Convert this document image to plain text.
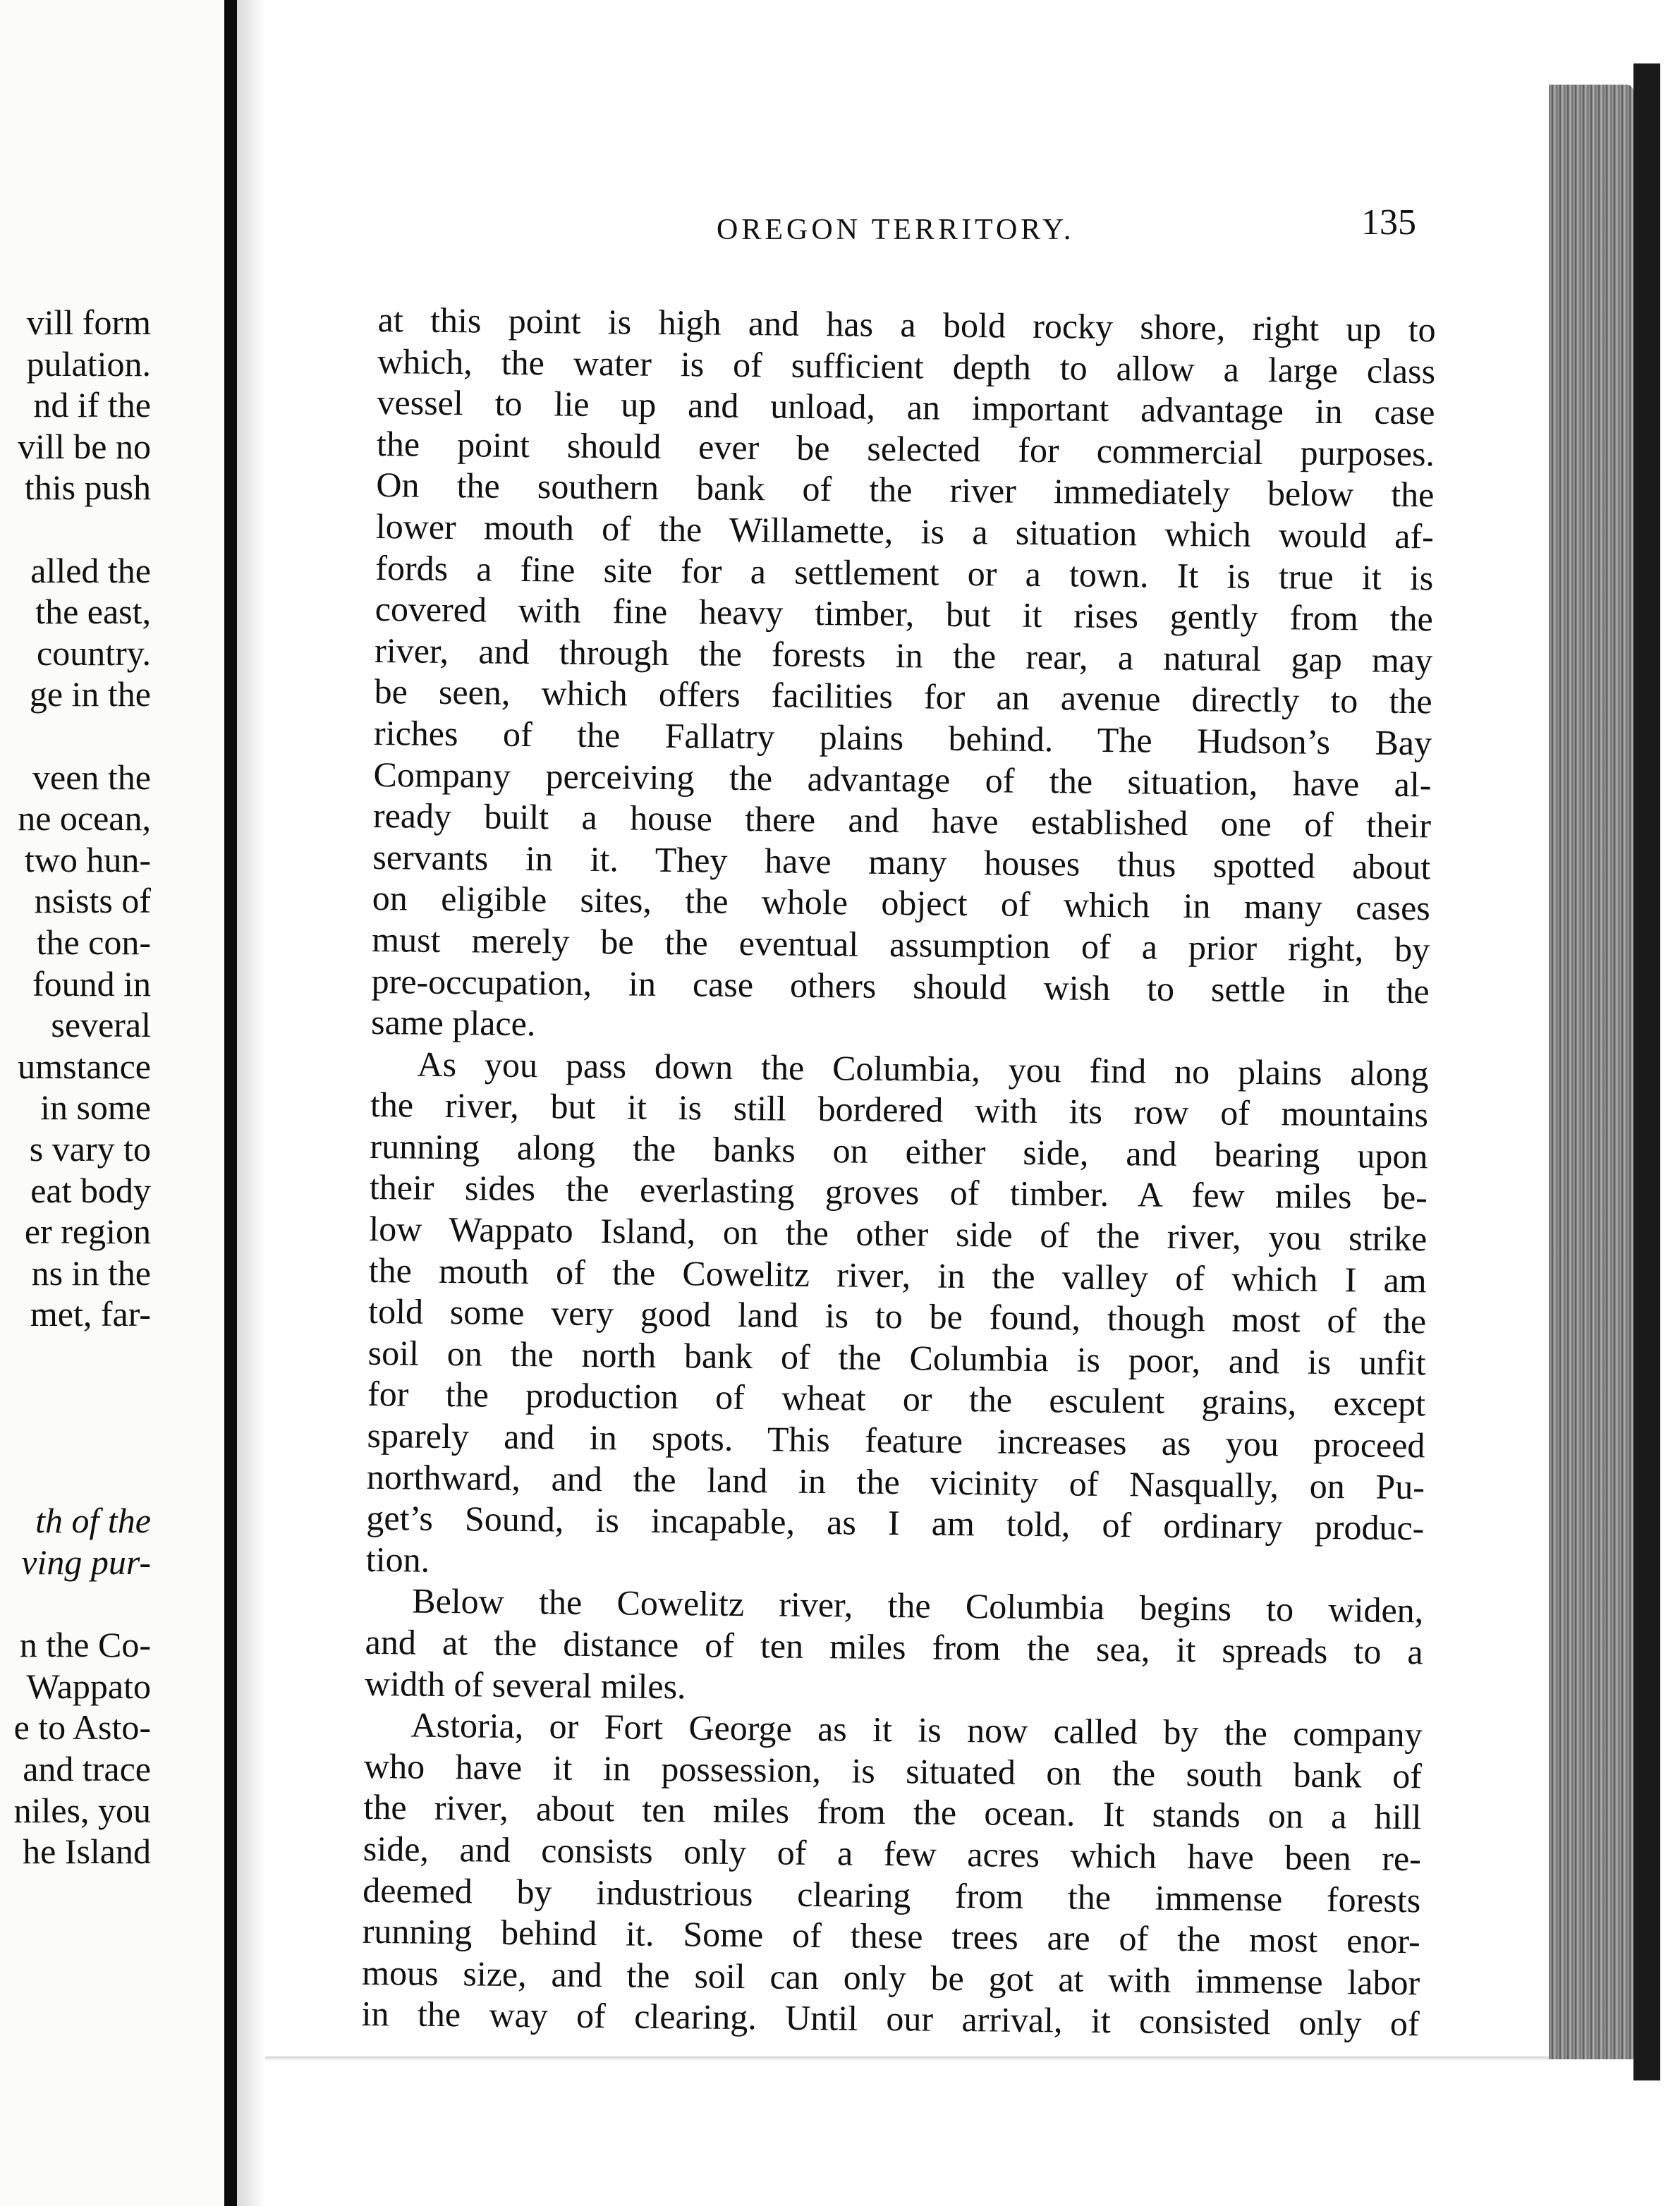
vill form
pulation.
nd if the
vill be no
this push
alled the
the east,
country.
ge in the
veen the
ne ocean,
two hun-
nsists of
the con-
found in
several
umstance
in some
s vary to
eat body
er region
ns in the
met, far-
th of the
ving pur-
n the Co-
Wappato
e to Asto-
and trace
niles, you
he Island
OREGON TERRITORY.	135
at this point is high and has a bold rocky shore, right up to
which, the water is of sufficient depth to allow a large class
vessel to lie up and unload, an important advantage in case
the point should ever be selected for commercial purposes.
On the southern bank of the river immediately below the
lower mouth of the Willamette, is a situation which would af-
fords a fine site for a settlement or a town. It is true it is
covered with fine heavy timber, but it rises gently from the
river, and through the forests in the rear, a natural gap may
be seen, which offers facilities for an avenue directly to the
riches of the Fallatry plains behind. The Hudson’s Bay
Company perceiving the advantage of the situation, have al-
ready built a house there and have established one of their
servants in it. They have many houses thus spotted about
on eligible sites, the whole object of which in many cases
must merely be the eventual assumption of a prior right, by
pre-occupation, in case others should wish to settle in the
same place.
As you pass down the Columbia, you find no plains along
the river, but it is still bordered with its row of mountains
running along the banks on either side, and bearing upon
their sides the everlasting groves of timber. A few miles be-
low Wappato Island, on the other side of the river, you strike
the mouth of the Cowelitz river, in the valley of which I am
told some very good land is to be found, though most of the
soil on the north bank of the Columbia is poor, and is unfit
for the production of wheat or the esculent grains, except
sparely and in spots. This feature increases as you proceed
northward, and the land in the vicinity of Nasqually, on Pu-
get’s Sound, is incapable, as I am told, of ordinary produc-
tion.
Below the Cowelitz river, the Columbia begins to widen,
and at the distance of ten miles from the sea, it spreads to a
width of several miles.
Astoria, or Fort George as it is now called by the company
who have it in possession, is situated on the south bank of
the river, about ten miles from the ocean. It stands on a hill
side, and consists only of a few acres which have been re-
deemed by industrious clearing from the immense forests
running behind it. Some of these trees are of the most enor-
mous size, and the soil can only be got at with immense labor
in the way of clearing. Until our arrival, it consisted only of
